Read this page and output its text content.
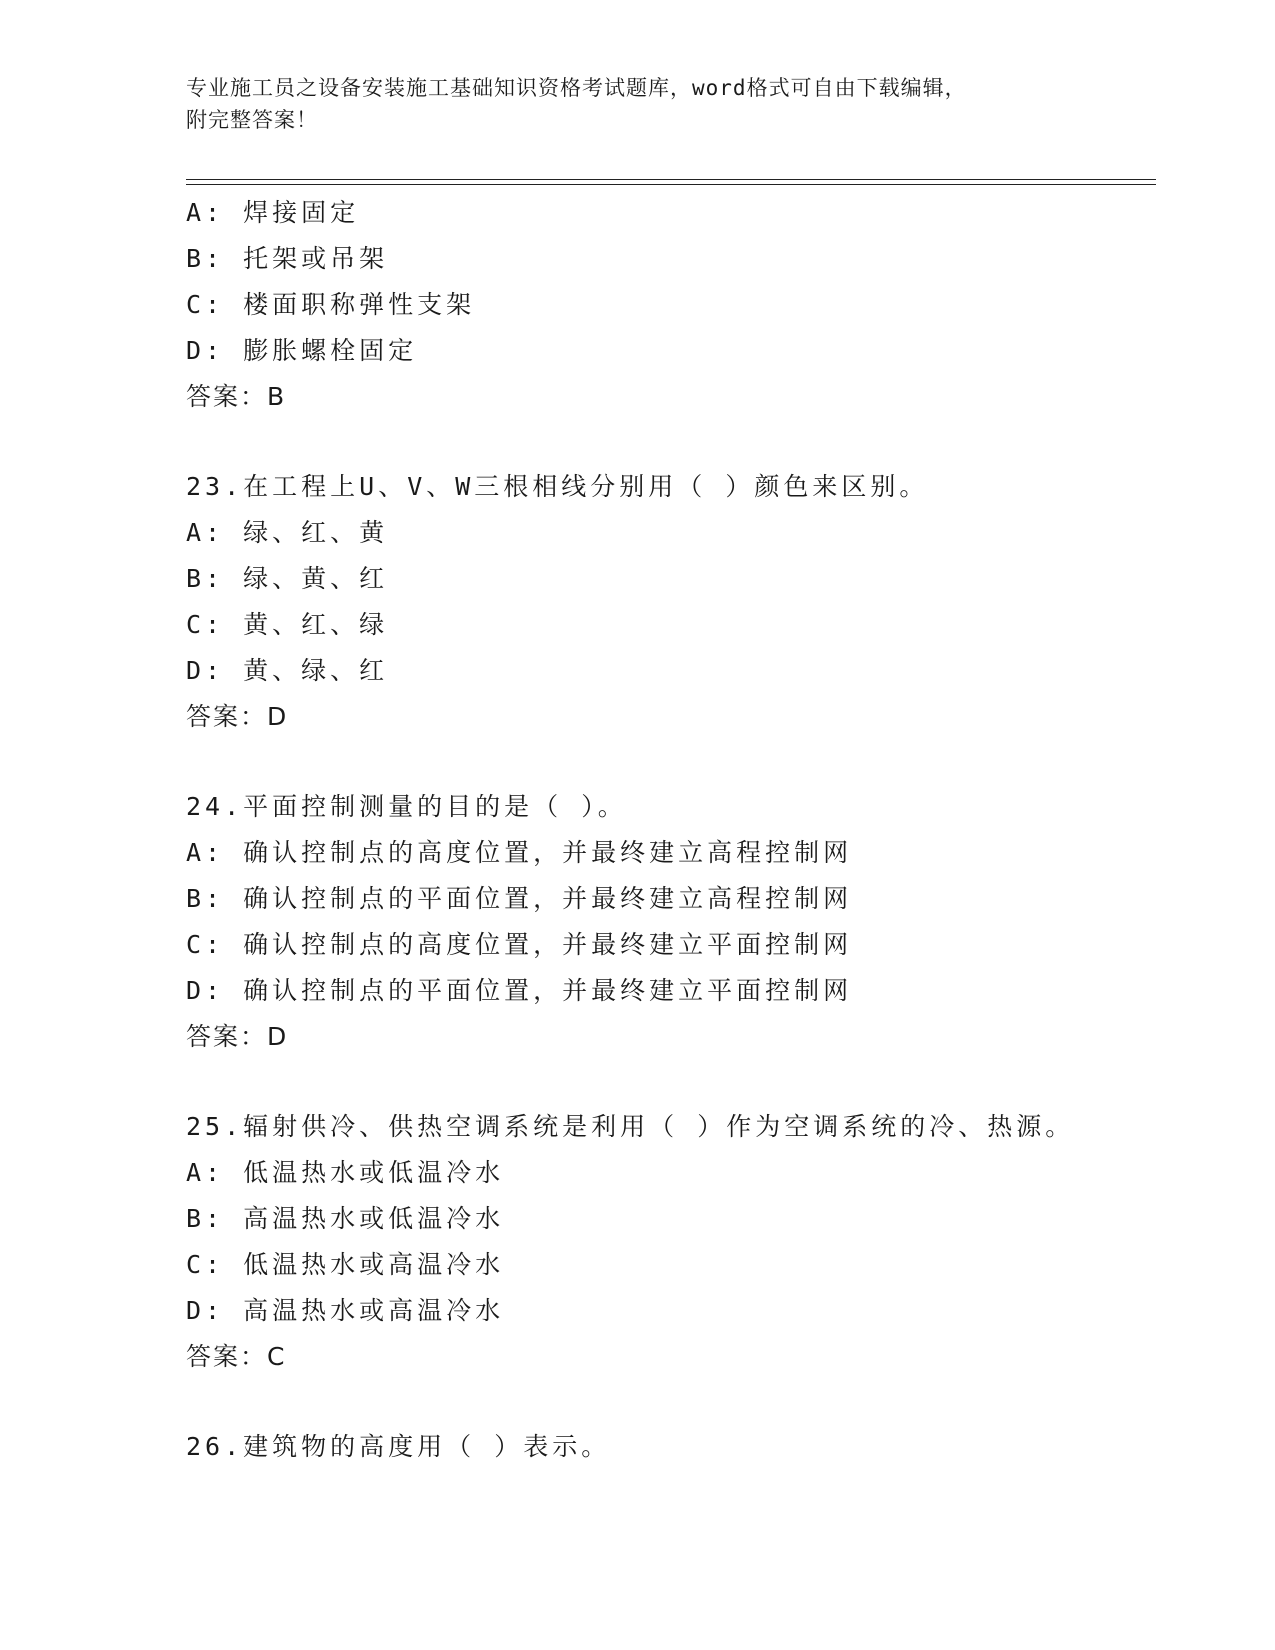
专业施工员之设备安装施工基础知识资格考试题库，word格式可自由下载编辑，
附完整答案！
A: 焊接固定
B: 托架或吊架
C: 楼面职称弹性支架
D: 膨胀螺栓固定
答案：B
23.在工程上U、V、W三根相线分别用（ ）颜色来区别。
A: 绿、红、黄
B: 绿、黄、红
C: 黄、红、绿
D: 黄、绿、红
答案：D
24.平面控制测量的目的是（ ）。
A: 确认控制点的高度位置，并最终建立高程控制网
B: 确认控制点的平面位置，并最终建立高程控制网
C: 确认控制点的高度位置，并最终建立平面控制网
D: 确认控制点的平面位置，并最终建立平面控制网
答案：D
25.辐射供冷、供热空调系统是利用（ ）作为空调系统的冷、热源。
A: 低温热水或低温冷水
B: 高温热水或低温冷水
C: 低温热水或高温冷水
D: 高温热水或高温冷水
答案：C
26.建筑物的高度用（ ）表示。
